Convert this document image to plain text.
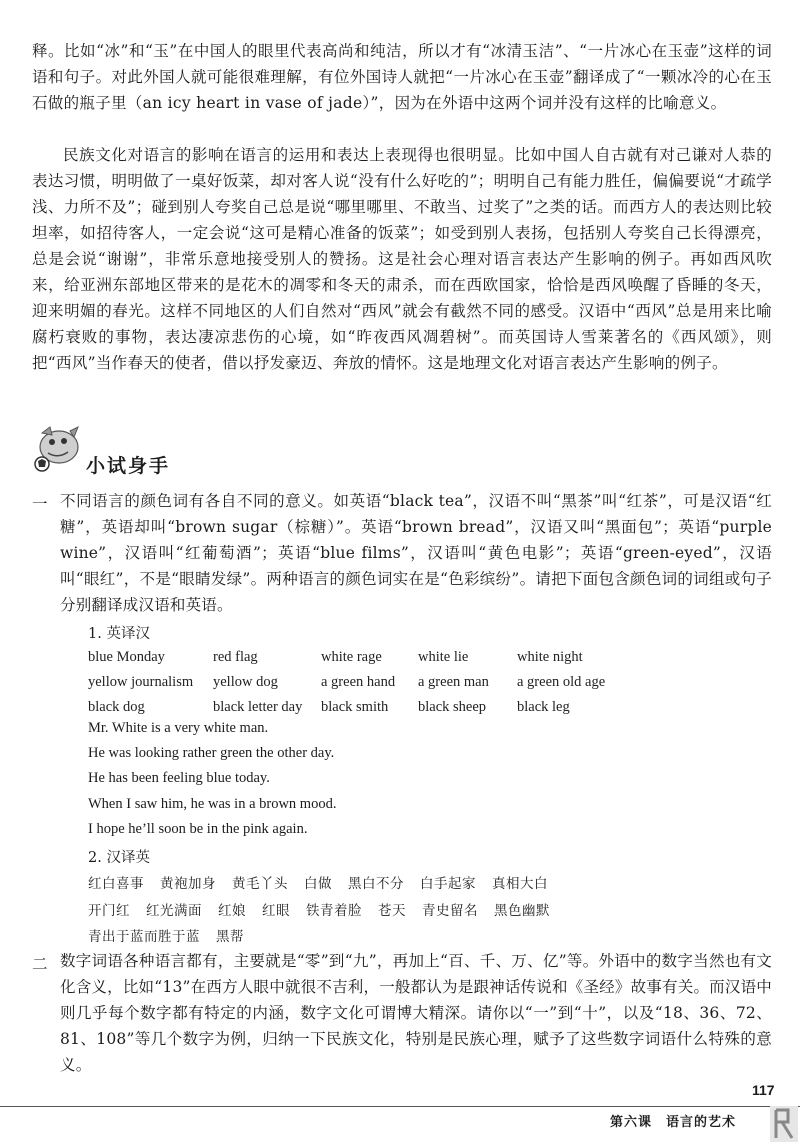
释。比如“冰”和“玉”在中国人的眼里代表高尚和纯洁，所以才有“冰清玉洁”、“一片冰心在玉壶”这样的词语和句子。对此外国人就可能很难理解，有位外国诗人就把“一片冰心在玉壶”翻译成了“一颗冰冷的心在玉石做的瓶子里（an icy heart in vase of jade）”，因为在外语中这两个词并没有这样的比喻意义。
民族文化对语言的影响在语言的运用和表达上表现得也很明显。比如中国人自古就有对己谦对人恭的表达习惯，明明做了一桌好饭菜，却对客人说“没有什么好吃的”；明明自己有能力胜任，偏偏要说“才疏学浅、力所不及”；碰到别人夸奖自己总是说“哪里哪里、不敢当、过奖了”之类的话。而西方人的表达则比较坦率，如招待客人，一定会说“这可是精心准备的饭菜”；如受到别人表扬，包括别人夸奖自己长得漂亮，总是会说“谢谢”，非常乐意地接受别人的赞扬。这是社会心理对语言表达产生影响的例子。再如西风吹来，给亚洲东部地区带来的是花木的凋零和冬天的肃杀，而在西欧国家，恰恰是西风唤醒了昏睡的冬天，迎来明媚的春光。这样不同地区的人们自然对“西风”就会有截然不同的感受。汉语中“西风”总是用来比喻腐朽衰败的事物，表达凄凉悲伤的心境，如“昨夜西风凋碧树”。而英国诗人雪莱著名的《西风颂》，则把“西风”当作春天的使者，借以抒发豪迈、奔放的情怀。这是地理文化对语言表达产生影响的例子。
小试身手
一 不同语言的颜色词有各自不同的意义。如英语“black tea”，汉语不叫“黑茶”叫“红茶”，可是汉语“红糖”，英语却叫“brown sugar（棕糖）”。英语“brown bread”，汉语又叫“黑面包”；英语“purple wine”，汉语叫“红葡萄酒”；英语“blue films”，汉语叫“黄色电影”；英语“green-eyed”，汉语叫“眼红”，不是“眼睛发绿”。两种语言的颜色词实在是“色彩缤纷”。请把下面包含颜色词的词组或句子分别翻译成汉语和英语。
1. 英译汉
blue Monday	red flag	white rage	white lie	white night
yellow journalism	yellow dog	a green hand	a green man	a green old age
black dog	black letter day	black smith	black sheep	black leg
Mr. White is a very white man.
He was looking rather green the other day.
He has been feeling blue today.
When I saw him, he was in a brown mood.
I hope he’ll soon be in the pink again.
2. 汉译英
红白喜事 黄袍加身 黄毛丫头 白做 黑白不分 白手起家 真相大白
开门红 红光满面 红娘 红眼 铁青着脸 苍天 青史留名 黑色幽默
青出于蓝而胜于蓝 黑帮
二 数字词语各种语言都有，主要就是“零”到“九”，再加上“百、千、万、亿”等。外语中的数字当然也有文化含义，比如“13”在西方人眼中就很不吉利，一般都认为是跟神话传说和《圣经》故事有关。而汉语中则几乎每个数字都有特定的内涵，数字文化可谓博大精深。请你以“一”到“十”，以及“18、36、72、81、108”等几个数字为例，归纳一下民族文化，特别是民族心理，赋予了这些数字词语什么特殊的意义。
117
第六课　语言的艺术
